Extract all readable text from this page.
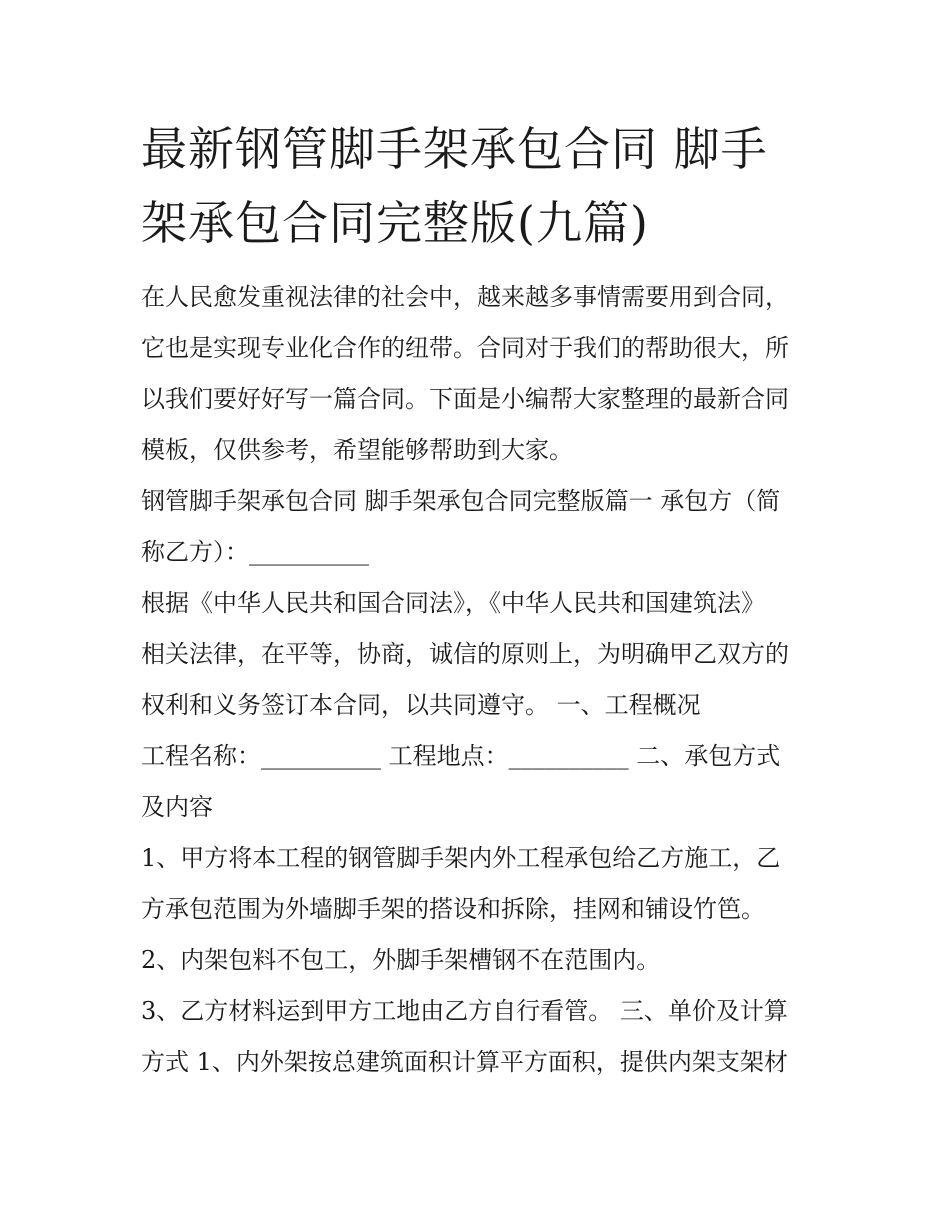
最新钢管脚手架承包合同 脚手
架承包合同完整版(九篇)
在人民愈发重视法律的社会中，越来越多事情需要用到合同，
它也是实现专业化合作的纽带。合同对于我们的帮助很大，所
以我们要好好写一篇合同。下面是小编帮大家整理的最新合同
模板，仅供参考，希望能够帮助到大家。
钢管脚手架承包合同 脚手架承包合同完整版篇一 承包方（简
称乙方）：__________
根据《中华人民共和国合同法》，《中华人民共和国建筑法》
相关法律，在平等，协商，诚信的原则上，为明确甲乙双方的
权利和义务签订本合同，以共同遵守。 一、工程概况
工程名称：__________ 工程地点：__________ 二、承包方式
及内容
1、甲方将本工程的钢管脚手架内外工程承包给乙方施工，乙
方承包范围为外墙脚手架的搭设和拆除，挂网和铺设竹笆。
2、内架包料不包工，外脚手架槽钢不在范围内。
3、乙方材料运到甲方工地由乙方自行看管。 三、单价及计算
方式 1、内外架按总建筑面积计算平方面积，提供内架支架材
